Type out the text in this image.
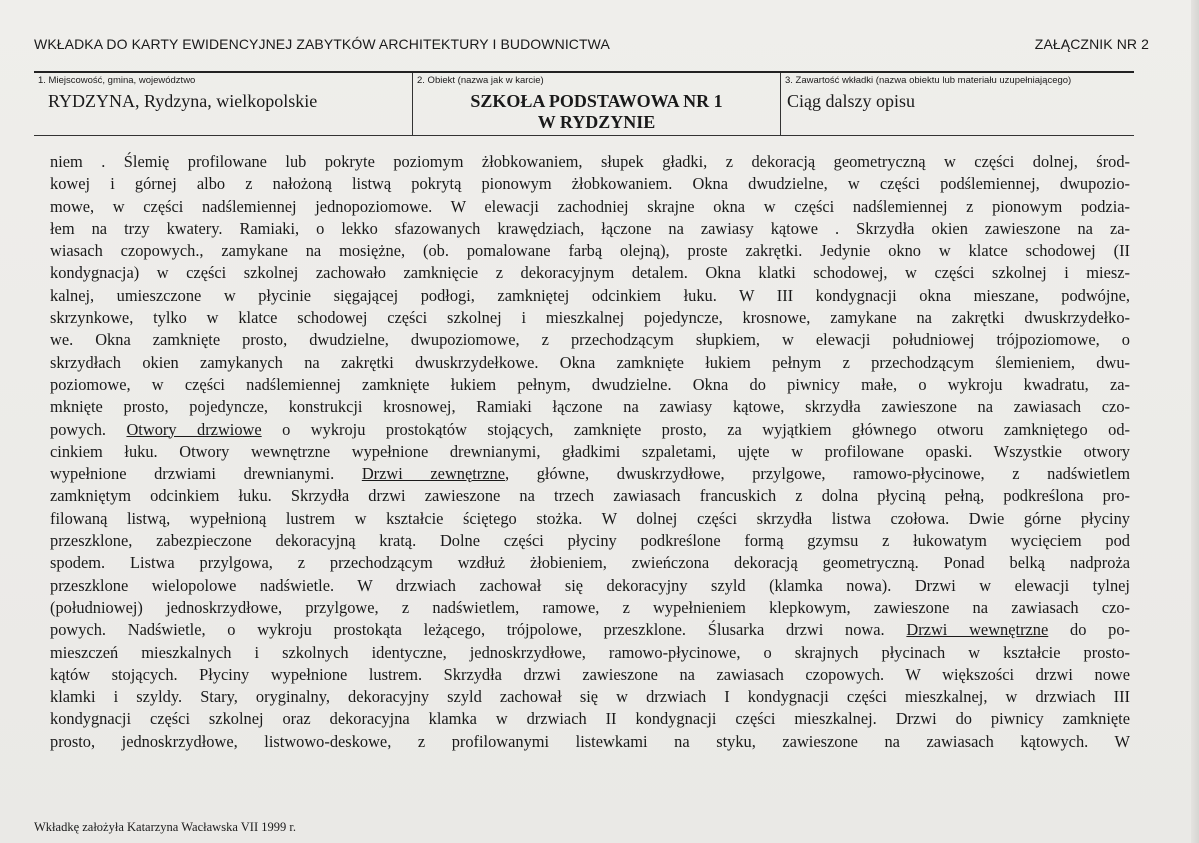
WKŁADKA DO KARTY EWIDENCYJNEJ ZABYTKÓW ARCHITEKTURY I BUDOWNICTWA	ZAŁĄCZNIK NR 2
1. Miejscowość, gmina, województwo
RYDZYNA, Rydzyna, wielkopolskie
2. Obiekt (nazwa jak w karcie)
SZKOŁA PODSTAWOWA NR 1
W RYDZYNIE
3. Zawartość wkładki (nazwa obiektu lub materiału uzupełniającego)
Ciąg dalszy opisu
niem . Ślemię profilowane lub pokryte poziomym żłobkowaniem, słupek gładki, z dekoracją geometryczną w części dolnej, środ-
kowej i górnej albo z nałożoną listwą pokrytą pionowym żłobkowaniem. Okna dwudzielne, w części podślemiennej, dwupozio-
mowe, w części nadślemiennej jednopoziomowe. W elewacji zachodniej skrajne okna w części nadślemiennej z pionowym podzia-
łem na trzy kwatery. Ramiaki, o lekko sfazowanych krawędziach, łączone na zawiasy kątowe . Skrzydła okien zawieszone na za-
wiasach czopowych., zamykane na mosiężne, (ob. pomalowane farbą olejną), proste zakrętki. Jedynie okno w klatce schodowej (II
kondygnacja) w części szkolnej zachowało zamknięcie z dekoracyjnym detalem. Okna klatki schodowej, w części szkolnej i miesz-
kalnej, umieszczone w płycinie sięgającej podłogi, zamkniętej odcinkiem łuku. W III kondygnacji okna mieszane, podwójne,
skrzynkowe, tylko w klatce schodowej części szkolnej i mieszkalnej pojedyncze, krosnowe, zamykane na zakrętki dwuskrzydełko-
we. Okna zamknięte prosto, dwudzielne, dwupoziomowe, z przechodzącym słupkiem, w elewacji południowej trójpoziomowe, o
skrzydłach okien zamykanych na zakrętki dwuskrzydełkowe. Okna zamknięte łukiem pełnym z przechodzącym ślemieniem, dwu-
poziomowe, w części nadślemiennej zamknięte łukiem pełnym, dwudzielne. Okna do piwnicy małe, o wykroju kwadratu, za-
mknięte prosto, pojedyncze, konstrukcji krosnowej, Ramiaki łączone na zawiasy kątowe, skrzydła zawieszone na zawiasach czo-
powych. Otwory drzwiowe o wykroju prostokątów stojących, zamknięte prosto, za wyjątkiem głównego otworu zamkniętego od-
cinkiem łuku. Otwory wewnętrzne wypełnione drewnianymi, gładkimi szpaletami, ujęte w profilowane opaski. Wszystkie otwory
wypełnione drzwiami drewnianymi. Drzwi zewnętrzne, główne, dwuskrzydłowe, przylgowe, ramowo-płycinowe, z nadświetlem
zamkniętym odcinkiem łuku. Skrzydła drzwi zawieszone na trzech zawiasach francuskich z dolna płyciną pełną, podkreślona pro-
filowaną listwą, wypełnioną lustrem w kształcie ściętego stożka. W dolnej części skrzydła listwa czołowa. Dwie górne płyciny
przeszklone, zabezpieczone dekoracyjną kratą. Dolne części płyciny podkreślone formą gzymsu z łukowatym wycięciem pod
spodem. Listwa przylgowa, z przechodzącym wzdłuż żłobieniem, zwieńczona dekoracją geometryczną. Ponad belką nadproża
przeszklone wielopolowe nadświetle. W drzwiach zachował się dekoracyjny szyld (klamka nowa). Drzwi w elewacji tylnej
(południowej) jednoskrzydłowe, przylgowe, z nadświetlem, ramowe, z wypełnieniem klepkowym, zawieszone na zawiasach czo-
powych. Nadświetle, o wykroju prostokąta leżącego, trójpolowe, przeszklone. Ślusarka drzwi nowa. Drzwi wewnętrzne do po-
mieszczeń mieszkalnych i szkolnych identyczne, jednoskrzydłowe, ramowo-płycinowe, o skrajnych płycinach w kształcie prosto-
kątów stojących. Płyciny wypełnione lustrem. Skrzydła drzwi zawieszone na zawiasach czopowych. W większości drzwi nowe
klamki i szyldy. Stary, oryginalny, dekoracyjny szyld zachował się w drzwiach I kondygnacji części mieszkalnej, w drzwiach III
kondygnacji części szkolnej oraz dekoracyjna klamka w drzwiach II kondygnacji części mieszkalnej. Drzwi do piwnicy zamknięte
prosto, jednoskrzydłowe, listwowo-deskowe, z profilowanymi listewkami na styku, zawieszone na zawiasach kątowych. W
Wkładkę założyła Katarzyna Wacławska VII 1999 r.
